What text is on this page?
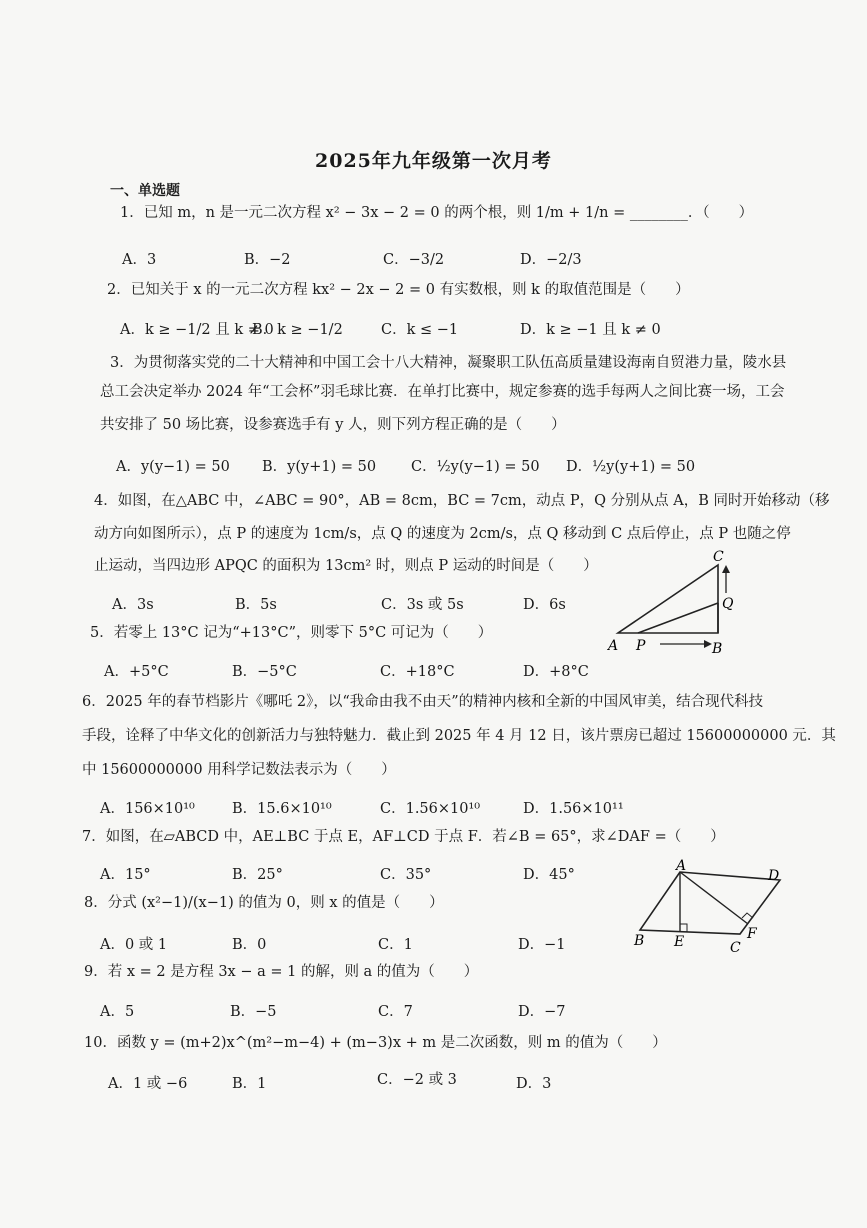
2025年九年级第一次月考
一、单选题
1．已知 m，n 是一元二次方程 x² − 3x − 2 = 0 的两个根，则 1/m + 1/n = ________．（　　）
A．3	B．−2	C．−3/2	D．−2/3
2．已知关于 x 的一元二次方程 kx² − 2x − 2 = 0 有实数根，则 k 的取值范围是（　　）
A．k ≥ −1/2 且 k ≠ 0
B．k ≥ −1/2	C．k ≤ −1	D．k ≥ −1 且 k ≠ 0
3．为贯彻落实党的二十大精神和中国工会十八大精神，凝聚职工队伍高质量建设海南自贸港力量，陵水县
总工会决定举办 2024 年“工会杯”羽毛球比赛．在单打比赛中，规定参赛的选手每两人之间比赛一场，工会
共安排了 50 场比赛，设参赛选手有 y 人，则下列方程正确的是（　　）
A．y(y−1) = 50 B．y(y+1) = 50 C．½y(y−1) = 50 D．½y(y+1) = 50
4．如图，在△ABC 中，∠ABC = 90°，AB = 8cm，BC = 7cm，动点 P，Q 分别从点 A，B 同时开始移动（移
动方向如图所示），点 P 的速度为 1cm/s，点 Q 的速度为 2cm/s，点 Q 移动到 C 点后停止，点 P 也随之停
止运动，当四边形 APQC 的面积为 13cm² 时，则点 P 运动的时间是（　　）
A．3s	B．5s	C．3s 或 5s	D．6s
A P	B
Q
C
5．若零上 13°C 记为“+13°C”，则零下 5°C 可记为（　　）
A．+5°C	B．−5°C	C．+18°C	D．+8°C
6．2025 年的春节档影片《哪吒 2》，以“我命由我不由天”的精神内核和全新的中国风审美，结合现代科技
手段，诠释了中华文化的创新活力与独特魅力．截止到 2025 年 4 月 12 日，该片票房已超过 15600000000 元．其
中 15600000000 用科学记数法表示为（　　）
A．156×10¹⁰	B．15.6×10¹⁰	C．1.56×10¹⁰	D．1.56×10¹¹
7．如图，在▱ABCD 中，AE⊥BC 于点 E，AF⊥CD 于点 F．若∠B = 65°，求∠DAF =（　　）
A．15°	B．25°	C．35°	D．45°
A
D
B E	C
F
8．分式 (x²−1)/(x−1) 的值为 0，则 x 的值是（　　）
A．0 或 1	B．0	C．1	D．−1
9．若 x = 2 是方程 3x − a = 1 的解，则 a 的值为（　　）
A．5	B．−5	C．7	D．−7
10．函数 y = (m+2)x^(m²−m−4) + (m−3)x + m 是二次函数，则 m 的值为（　　）
A．1 或 −6	B．1	C．−2 或 3	D．3
